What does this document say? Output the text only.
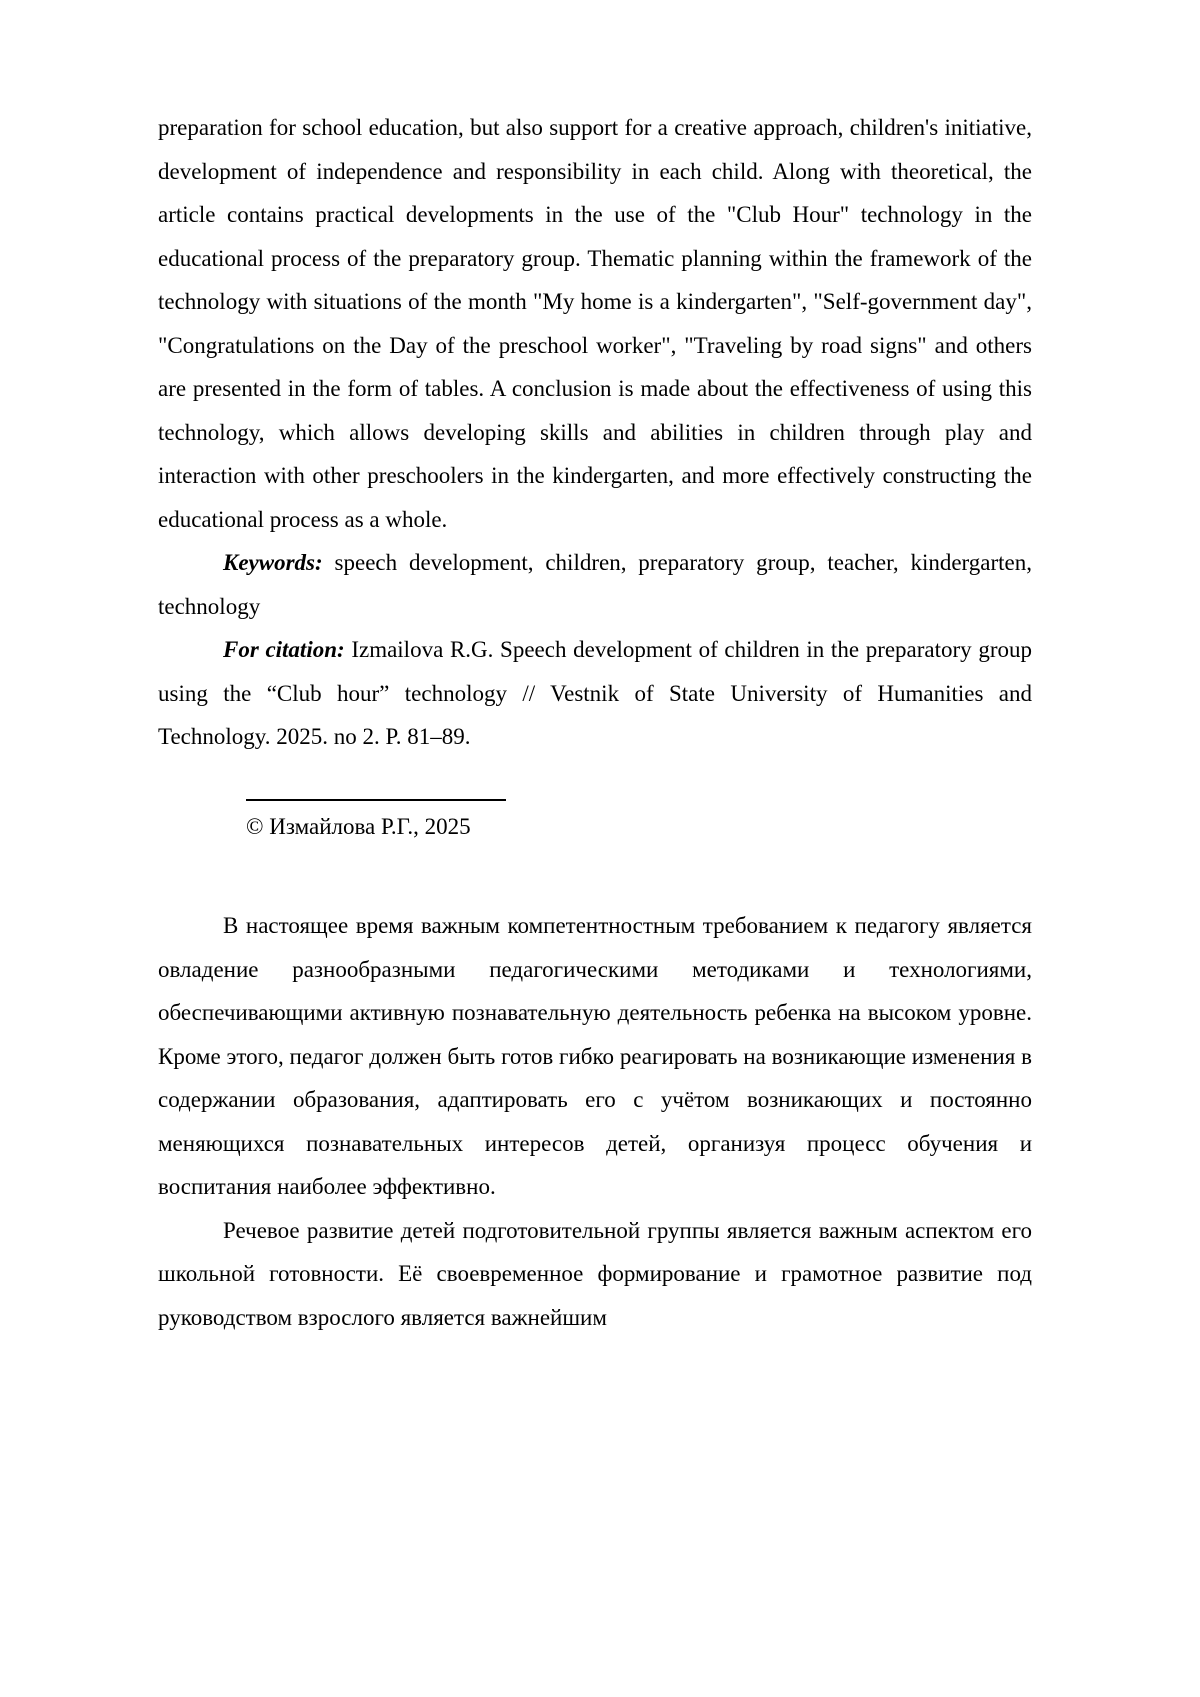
preparation for school education, but also support for a creative approach, children's initiative, development of independence and responsibility in each child. Along with theoretical, the article contains practical developments in the use of the "Club Hour" technology in the educational process of the preparatory group. Thematic planning within the framework of the technology with situations of the month "My home is a kindergarten", "Self-government day", "Congratulations on the Day of the preschool worker", "Traveling by road signs" and others are presented in the form of tables. A conclusion is made about the effectiveness of using this technology, which allows developing skills and abilities in children through play and interaction with other preschoolers in the kindergarten, and more effectively constructing the educational process as a whole.

Keywords: speech development, children, preparatory group, teacher, kindergarten, technology

For citation: Izmailova R.G. Speech development of children in the preparatory group using the “Club hour” technology // Vestnik of State University of Humanities and Technology. 2025. no 2. P. 81–89.

© Измайлова Р.Г., 2025

В настоящее время важным компетентностным требованием к педагогу является овладение разнообразными педагогическими методиками и технологиями, обеспечивающими активную познавательную деятельность ребенка на высоком уровне. Кроме этого, педагог должен быть готов гибко реагировать на возникающие изменения в содержании образования, адаптировать его с учётом возникающих и постоянно меняющихся познавательных интересов детей, организуя процесс обучения и воспитания наиболее эффективно.

Речевое развитие детей подготовительной группы является важным аспектом его школьной готовности. Её своевременное формирование и грамотное развитие под руководством взрослого является важнейшим
